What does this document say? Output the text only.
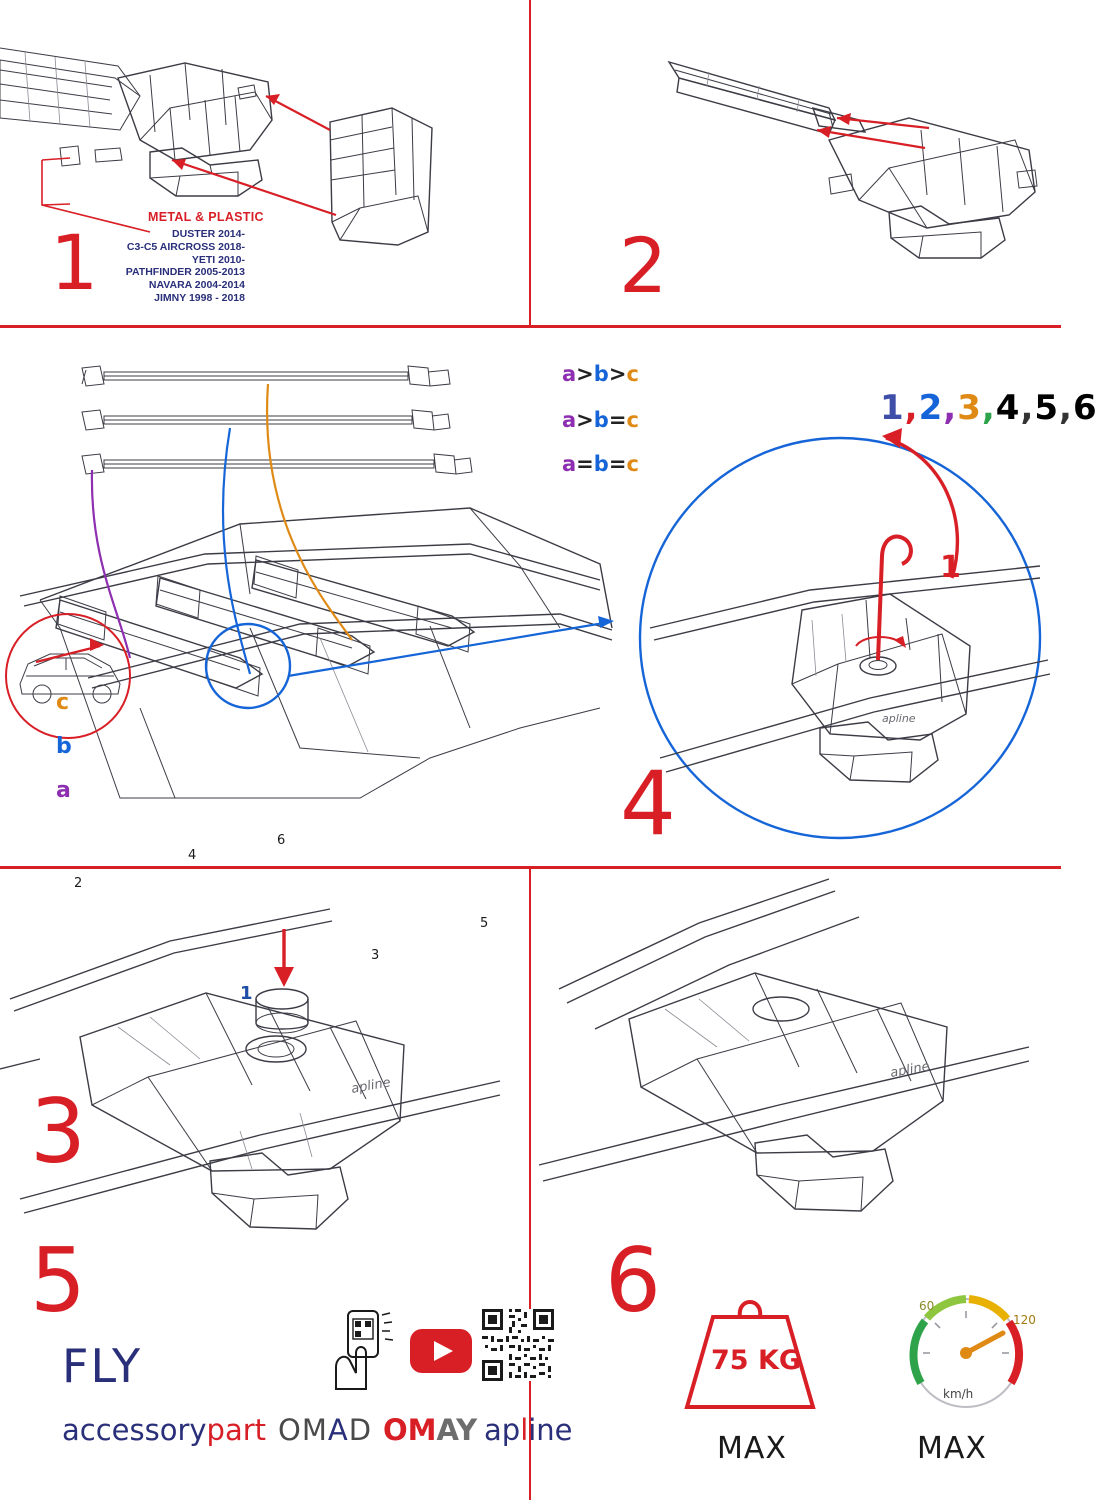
METAL & PLASTIC
DUSTER 2014-
C3-C5 AIRCROSS 2018-
YETI 2010-
PATHFINDER 2005-2013
NAVARA 2004-2014
JIMNY 1998 - 2018
1	2
c
b
a
2
4
6
3
5
1
3
a>b>c
a>b=c
a=b=c
1,2,3,4,5,6
1
apline
4
apline
5
FLY
accessorypart OMAD OMAY apline
apline
6
75 KG
MAX
60
120
km/h
MAX
